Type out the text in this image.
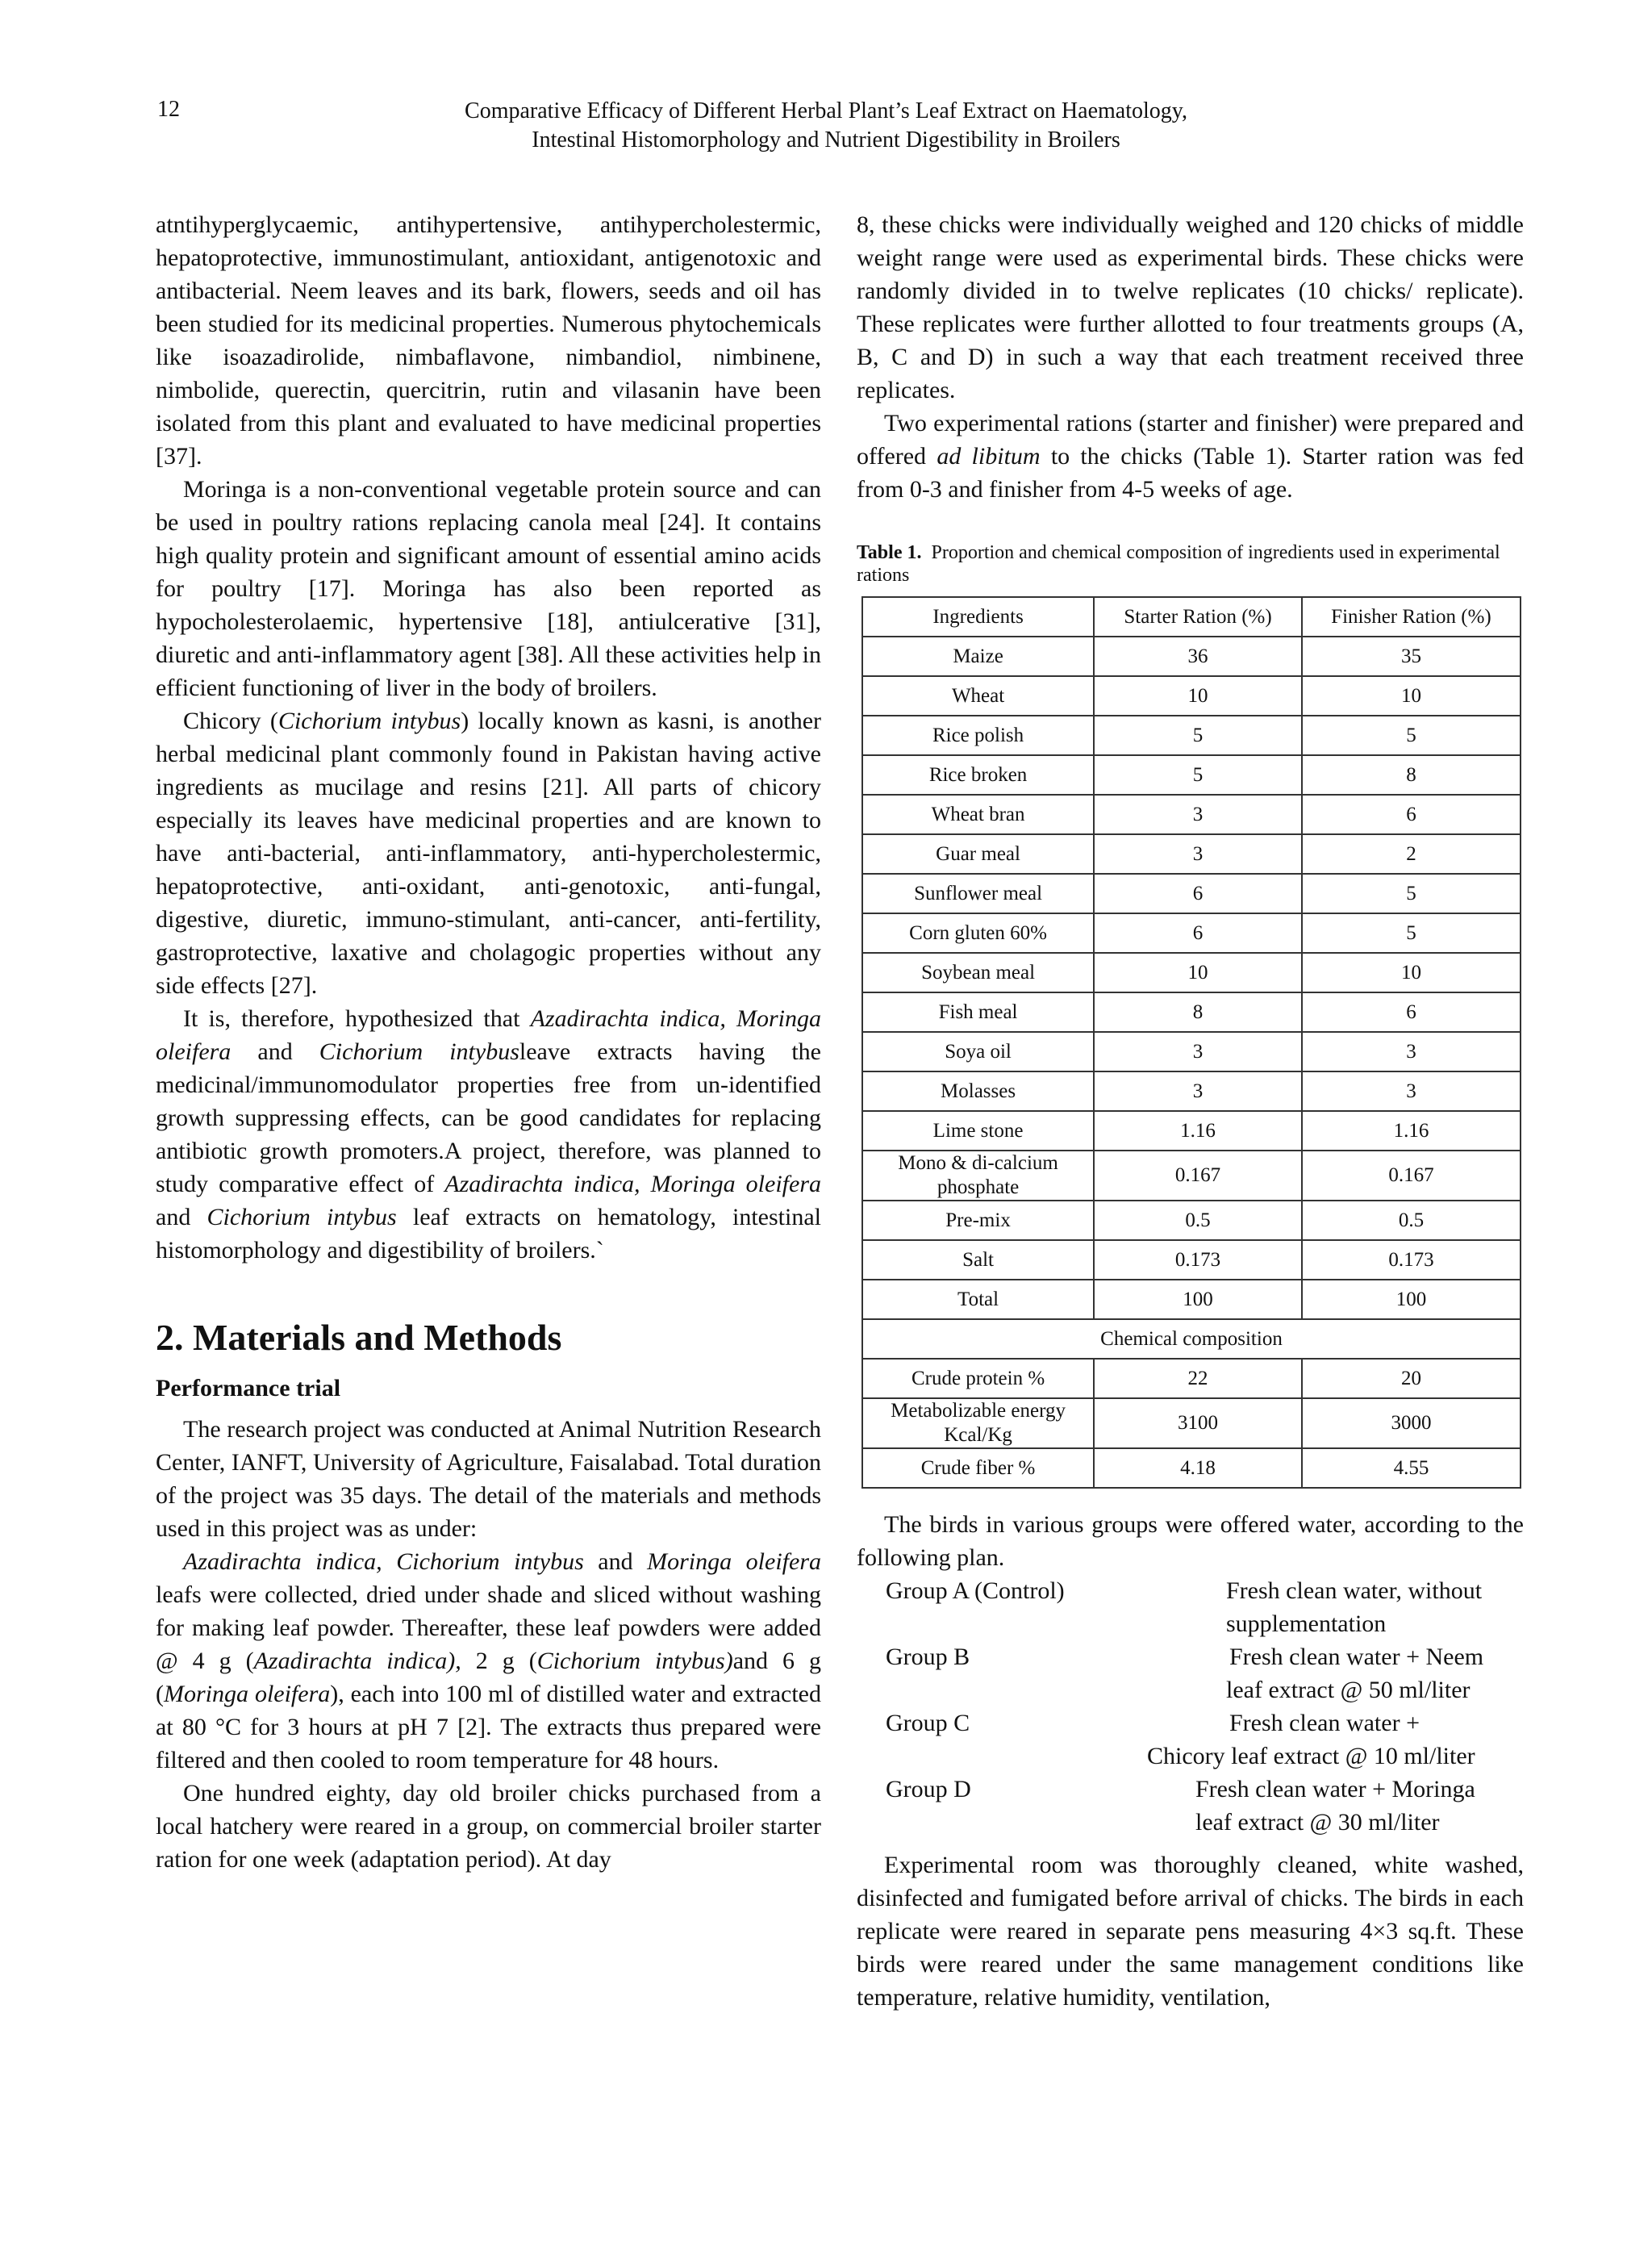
12	Comparative Efficacy of Different Herbal Plant’s Leaf Extract on Haematology,
Intestinal Histomorphology and Nutrient Digestibility in Broilers

atntihyperglycaemic, antihypertensive, antihypercholestermic, hepatoprotective, immunostimulant, antioxidant, antigenotoxic and antibacterial. Neem leaves and its bark, flowers, seeds and oil has been studied for its medicinal properties. Numerous phytochemicals like isoazadirolide, nimbaflavone, nimbandiol, nimbinene, nimbolide, querectin, quercitrin, rutin and vilasanin have been isolated from this plant and evaluated to have medicinal properties [37].

Moringa is a non-conventional vegetable protein source and can be used in poultry rations replacing canola meal [24]. It contains high quality protein and significant amount of essential amino acids for poultry [17]. Moringa has also been reported as hypocholesterolaemic, hypertensive [18], antiulcerative [31], diuretic and anti-inflammatory agent [38]. All these activities help in efficient functioning of liver in the body of broilers.

Chicory (Cichorium intybus) locally known as kasni, is another herbal medicinal plant commonly found in Pakistan having active ingredients as mucilage and resins [21]. All parts of chicory especially its leaves have medicinal properties and are known to have anti-bacterial, anti-inflammatory, anti-hypercholestermic, hepatoprotective, anti-oxidant, anti-genotoxic, anti-fungal, digestive, diuretic, immuno-stimulant, anti-cancer, anti-fertility, gastroprotective, laxative and cholagogic properties without any side effects [27].

It is, therefore, hypothesized that Azadirachta indica, Moringa oleifera and Cichorium intybusleave extracts having the medicinal/immunomodulator properties free from un-identified growth suppressing effects, can be good candidates for replacing antibiotic growth promoters.A project, therefore, was planned to study comparative effect of Azadirachta indica, Moringa oleifera and Cichorium intybus leaf extracts on hematology, intestinal histomorphology and digestibility of broilers.`

2. Materials and Methods
Performance trial

The research project was conducted at Animal Nutrition Research Center, IANFT, University of Agriculture, Faisalabad. Total duration of the project was 35 days. The detail of the materials and methods used in this project was as under:

Azadirachta indica, Cichorium intybus and Moringa oleifera leafs were collected, dried under shade and sliced without washing for making leaf powder. Thereafter, these leaf powders were added @ 4 g (Azadirachta indica), 2 g (Cichorium intybus)and 6 g (Moringa oleifera), each into 100 ml of distilled water and extracted at 80 °C for 3 hours at pH 7 [2]. The extracts thus prepared were filtered and then cooled to room temperature for 48 hours.

One hundred eighty, day old broiler chicks purchased from a local hatchery were reared in a group, on commercial broiler starter ration for one week (adaptation period). At day

8, these chicks were individually weighed and 120 chicks of middle weight range were used as experimental birds. These chicks were randomly divided in to twelve replicates (10 chicks/ replicate). These replicates were further allotted to four treatments groups (A, B, C and D) in such a way that each treatment received three replicates.

Two experimental rations (starter and finisher) were prepared and offered ad libitum to the chicks (Table 1). Starter ration was fed from 0-3 and finisher from 4-5 weeks of age.

Table 1. Proportion and chemical composition of ingredients used in experimental rations
Ingredients	Starter Ration (%)	Finisher Ration (%)
Maize	36	35
Wheat	10	10
Rice polish	5	5
Rice broken	5	8
Wheat bran	3	6
Guar meal	3	2
Sunflower meal	6	5
Corn gluten 60%	6	5
Soybean meal	10	10
Fish meal	8	6
Soya oil	3	3
Molasses	3	3
Lime stone	1.16	1.16
Mono & di-calcium phosphate	0.167	0.167
Pre-mix	0.5	0.5
Salt	0.173	0.173
Total	100	100
Chemical composition		
Crude protein %	22	20
Metabolizable energy Kcal/Kg	3100	3000
Crude fiber %	4.18	4.55

The birds in various groups were offered water, according to the following plan.

Group A (Control)	Fresh clean water, without
supplementation
Group B	Fresh clean water + Neem
leaf extract @ 50 ml/liter
Group C	Fresh clean water +
Chicory leaf extract @ 10 ml/liter
Group D	Fresh clean water + Moringa
leaf extract @ 30 ml/liter

Experimental room was thoroughly cleaned, white washed, disinfected and fumigated before arrival of chicks. The birds in each replicate were reared in separate pens measuring 4×3 sq.ft. These birds were reared under the same management conditions like temperature, relative humidity, ventilation,
